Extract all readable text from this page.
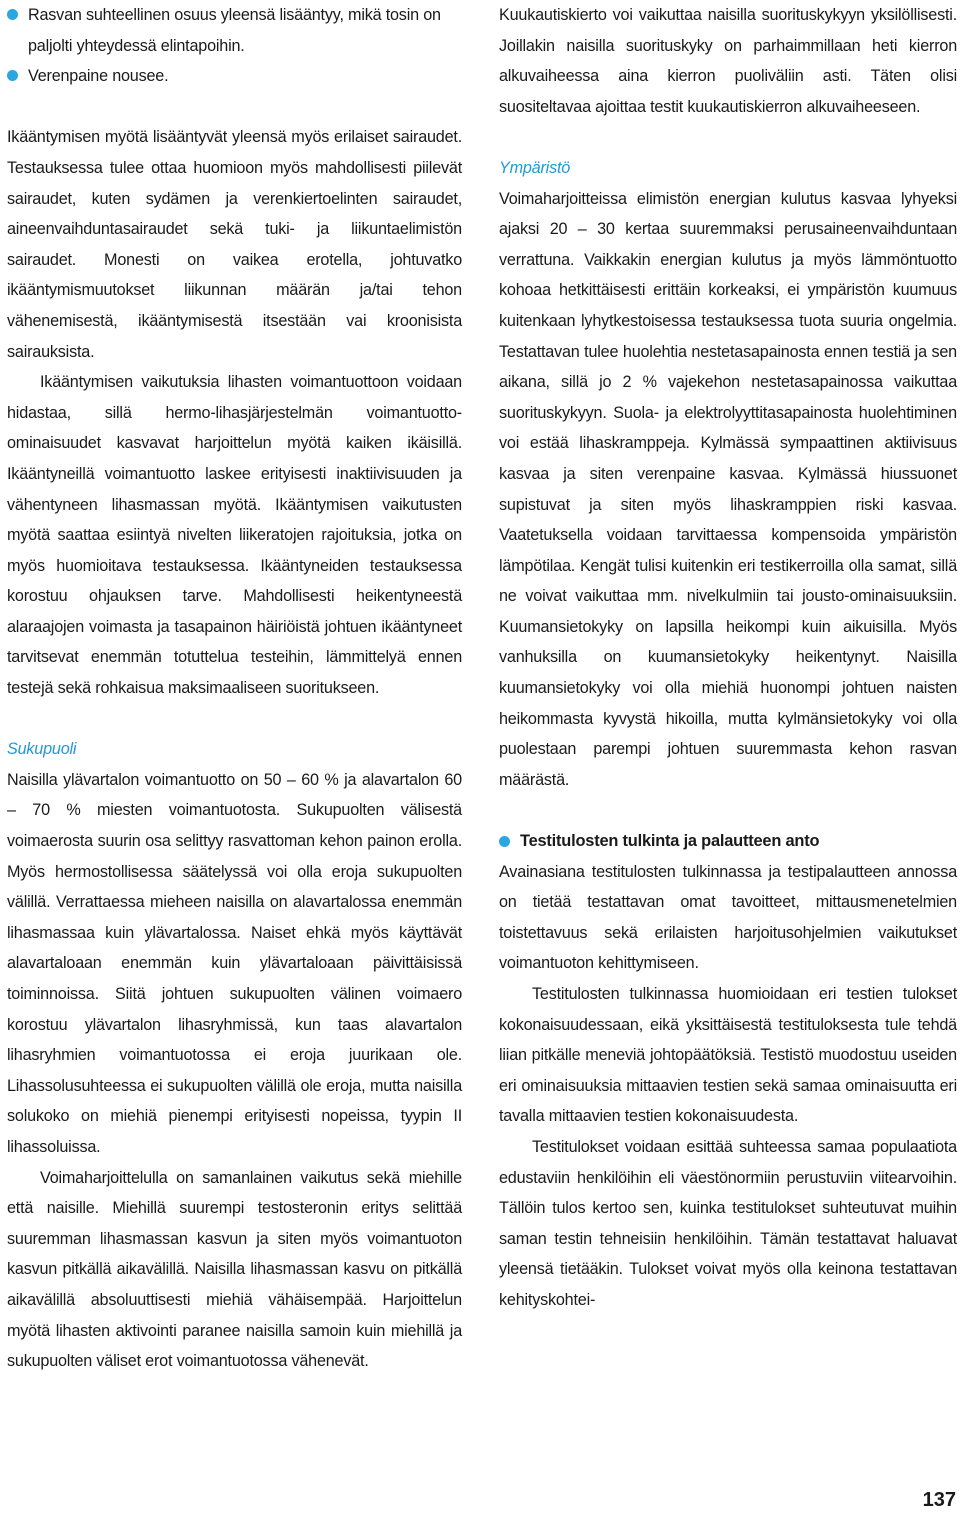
Rasvan suhteellinen osuus yleensä lisääntyy, mikä tosin on paljolti yhteydessä elintapoihin.
Verenpaine nousee.

Ikääntymisen myötä lisääntyvät yleensä myös erilaiset sairaudet. Testauksessa tulee ottaa huomioon myös mahdollisesti piilevät sairaudet, kuten sydämen ja verenkiertoelinten sairaudet, aineenvaihduntasairaudet sekä tuki- ja liikuntaelimistön sairaudet. Monesti on vaikea erotella, johtuvatko ikääntymismuutokset liikunnan määrän ja/tai tehon vähenemisestä, ikääntymisestä itsestään vai kroonisista sairauksista.

Ikääntymisen vaikutuksia lihasten voimantuottoon voidaan hidastaa, sillä hermo-lihasjärjestelmän voimantuotto-ominaisuudet kasvavat harjoittelun myötä kaiken ikäisillä. Ikääntyneillä voimantuotto laskee erityisesti inaktiivisuuden ja vähentyneen lihasmassan myötä. Ikääntymisen vaikutusten myötä saattaa esiintyä nivelten liikeratojen rajoituksia, jotka on myös huomioitava testauksessa. Ikääntyneiden testauksessa korostuu ohjauksen tarve. Mahdollisesti heikentyneestä alaraajojen voimasta ja tasapainon häiriöistä johtuen ikääntyneet tarvitsevat enemmän totuttelua testeihin, lämmittelyä ennen testejä sekä rohkaisua maksimaaliseen suoritukseen.

Sukupuoli

Naisilla ylävartalon voimantuotto on 50 – 60 % ja alavartalon 60 – 70 % miesten voimantuotosta. Sukupuolten välisestä voimaerosta suurin osa selittyy rasvattoman kehon painon erolla. Myös hermostollisessa säätelyssä voi olla eroja sukupuolten välillä. Verrattaessa mieheen naisilla on alavartalossa enemmän lihasmassaa kuin ylävartalossa. Naiset ehkä myös käyttävät alavartaloaan enemmän kuin ylävartaloaan päivittäisissä toiminnoissa. Siitä johtuen sukupuolten välinen voimaero korostuu ylävartalon lihasryhmissä, kun taas alavartalon lihasryhmien voimantuotossa ei eroja juurikaan ole. Lihassolusuhteessa ei sukupuolten välillä ole eroja, mutta naisilla solukoko on miehiä pienempi erityisesti nopeissa, tyypin II lihassoluissa.

Voimaharjoittelulla on samanlainen vaikutus sekä miehille että naisille. Miehillä suurempi testosteronin eritys selittää suuremman lihasmassan kasvun ja siten myös voimantuoton kasvun pitkällä aikavälillä. Naisilla lihasmassan kasvu on pitkällä aikavälillä absoluuttisesti miehiä vähäisempää. Harjoittelun myötä lihasten aktivointi paranee naisilla samoin kuin miehillä ja sukupuolten väliset erot voimantuotossa vähenevät.

Kuukautiskierto voi vaikuttaa naisilla suorituskykyyn yksilöllisesti. Joillakin naisilla suorituskyky on parhaimmillaan heti kierron alkuvaiheessa aina kierron puoliväliin asti. Täten olisi suositeltavaa ajoittaa testit kuukautiskierron alkuvaiheeseen.

Ympäristö

Voimaharjoitteissa elimistön energian kulutus kasvaa lyhyeksi ajaksi 20 – 30 kertaa suuremmaksi perusaineenvaihduntaan verrattuna. Vaikkakin energian kulutus ja myös lämmöntuotto kohoaa hetkittäisesti erittäin korkeaksi, ei ympäristön kuumuus kuitenkaan lyhytkestoisessa testauksessa tuota suuria ongelmia. Testattavan tulee huolehtia nestetasapainosta ennen testiä ja sen aikana, sillä jo 2 % vajekehon nestetasapainossa vaikuttaa suorituskykyyn. Suola- ja elektrolyyttitasapainosta huolehtiminen voi estää lihaskramppeja. Kylmässä sympaattinen aktiivisuus kasvaa ja siten verenpaine kasvaa. Kylmässä hiussuonet supistuvat ja siten myös lihaskramppien riski kasvaa. Vaatetuksella voidaan tarvittaessa kompensoida ympäristön lämpötilaa. Kengät tulisi kuitenkin eri testikerroilla olla samat, sillä ne voivat vaikuttaa mm. nivelkulmiin tai jousto-ominaisuuksiin. Kuumansietokyky on lapsilla heikompi kuin aikuisilla. Myös vanhuksilla on kuumansietokyky heikentynyt. Naisilla kuumansietokyky voi olla miehiä huonompi johtuen naisten heikommasta kyvystä hikoilla, mutta kylmänsietokyky voi olla puolestaan parempi johtuen suuremmasta kehon rasvan määrästä.

Testitulosten tulkinta ja palautteen anto

Avainasiana testitulosten tulkinnassa ja testipalautteen annossa on tietää testattavan omat tavoitteet, mittausmenetelmien toistettavuus sekä erilaisten harjoitusohjelmien vaikutukset voimantuoton kehittymiseen.

Testitulosten tulkinnassa huomioidaan eri testien tulokset kokonaisuudessaan, eikä yksittäisestä testituloksesta tule tehdä liian pitkälle meneviä johtopäätöksiä. Testistö muodostuu useiden eri ominaisuuksia mittaavien testien sekä samaa ominaisuutta eri tavalla mittaavien testien kokonaisuudesta.

Testitulokset voidaan esittää suhteessa samaa populaatiota edustaviin henkilöihin eli väestönormiin perustuviin viitearvoihin. Tällöin tulos kertoo sen, kuinka testitulokset suhteutuvat muihin saman testin tehneisiin henkilöihin. Tämän testattavat haluavat yleensä tietääkin. Tulokset voivat myös olla keinona testattavan kehityskohtei-

137
